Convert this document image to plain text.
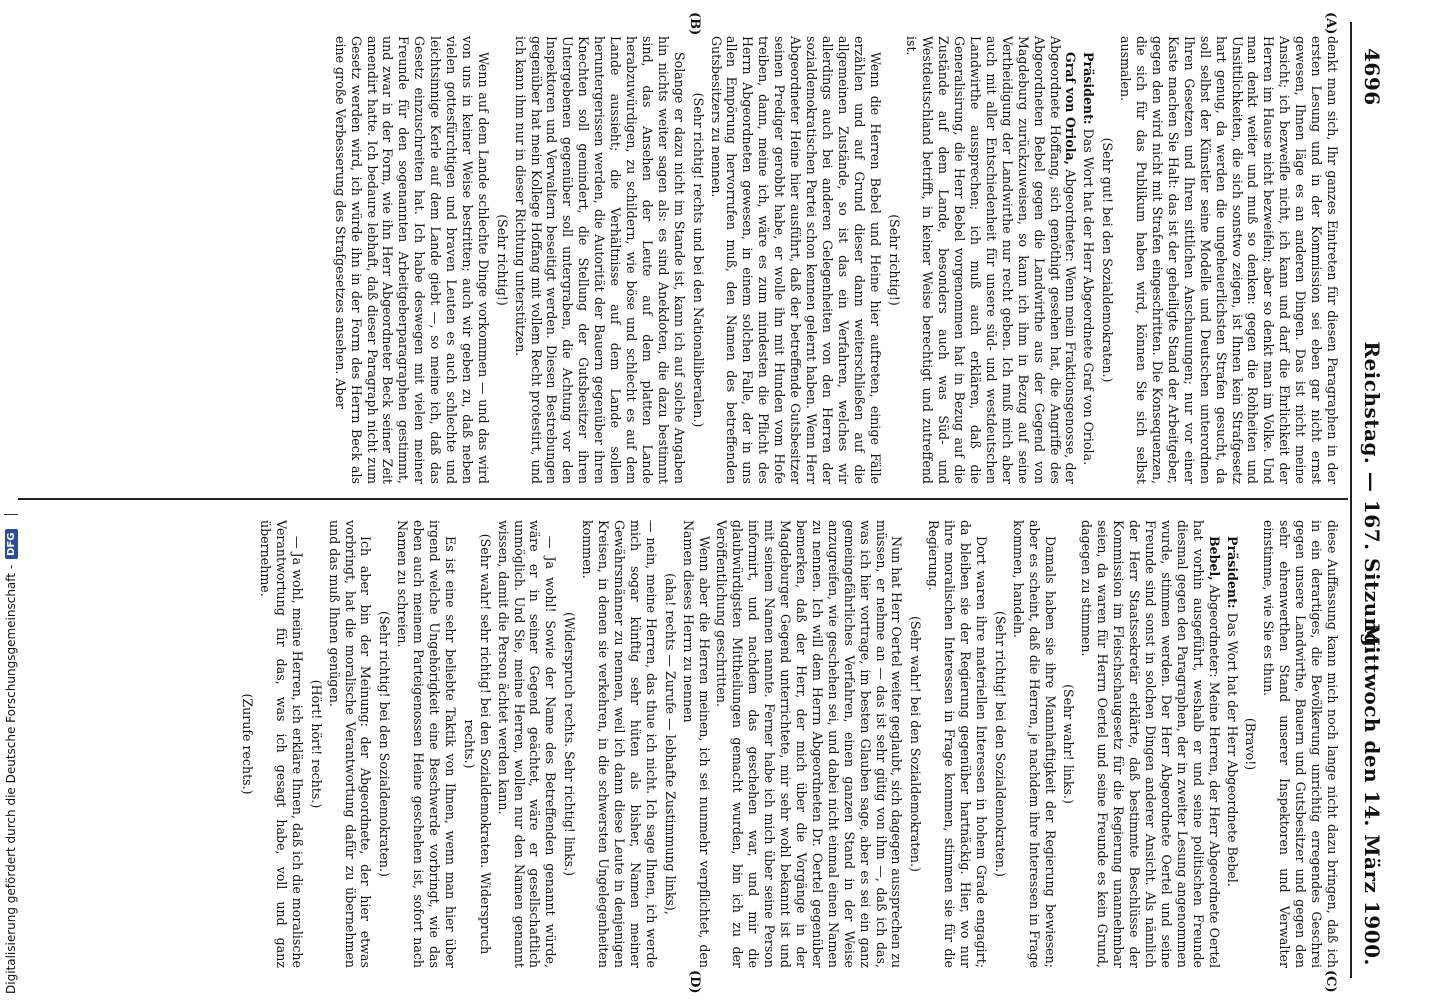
4696
Reichstag. — 167. Sitzung.
Mittwoch den 14. März 1900.
(A)
(B)
(C)
(D)

denkt man sich, Ihr ganzes Eintreten für diesen Paragraphen in der ersten Lesung und in der Kommission sei eben gar nicht ernst gewesen, Ihnen läge es an anderen Dingen. Das ist nicht meine Ansicht; ich bezweifle nicht, ich kann und darf die Ehrlichkeit der Herren im Hause nicht bezweifeln; aber so denkt man im Volke. Und man denkt weiter und muß so denken: gegen die Rohheiten und Unsittlichkeiten, die sich sonstwo zeigen, ist Ihnen kein Strafgesetz hart genug, da werden die ungeheuerlichsten Strafen gesucht, da soll selbst der Künstler seine Modelle und Deutschen unterordnen Ihren Gesetzen und Ihren sittlichen Anschauungen; nur vor einer Kaste machen Sie Halt: das ist der geheiligte Stand der Arbeitgeber, gegen den wird nicht mit Strafen eingeschritten. Die Konsequenzen, die sich für das Publikum haben wird, können Sie sich selbst ausmalen.

(Sehr gut! bei den Sozialdemokraten.)

Präsident: Das Wort hat der Herr Abgeordnete Graf von Oriola.

Graf von Oriola, Abgeordneter: Wenn mein Fraktionsgenosse, der Abgeordnete Hoffang, sich genöthigt gesehen hat, die Angriffe des Abgeordneten Bebel gegen die Landwirthe aus der Gegend von Magdeburg zurückzuweisen, so kann ich ihm in Bezug auf seine Vertheidigung der Landwirthe nur recht geben. Ich muß mich aber auch mit aller Entschiedenheit für unsere süd- und westdeutschen Landwirthe aussprechen; ich muß auch erklären, daß die Generalisirung, die Herr Bebel vorgenommen hat in Bezug auf die Zustände auf dem Lande, besonders auch was Süd- und Westdeutschland betrifft, in keiner Weise berechtigt und zutreffend ist.

(Sehr richtig!)

Wenn die Herren Bebel und Heine hier auftreten, einige Fälle erzählen und auf Grund dieser dann weiterschließen auf die allgemeinen Zustände, so ist das ein Verfahren, welches wir allerdings auch bei anderen Gelegenheiten von den Herren der sozialdemokratischen Partei schon kennen gelernt haben. Wenn Herr Abgeordneter Heine hier ausführt, daß der betreffende Gutsbesitzer seinen Prediger gerobbt habe, er wolle ihn mit Hunden vom Hofe treiben, dann, meine ich, wäre es zum mindesten die Pflicht des Herrn Abgeordneten gewesen, in einem solchen Falle, der in uns allen Empörung hervorrufen muß, den Namen des betreffenden Gutsbesitzers zu nennen.

(Sehr richtig! rechts und bei den Nationalliberalen.)

Solange er dazu nicht im Stande ist, kann ich auf solche Angaben hin nichts weiter sagen als: es sind Anekdoten, die dazu bestimmt sind, das Ansehen der Leute auf dem platten Lande herabzuwürdigen, zu schildern, wie böse und schlecht es auf dem Lande aussieht; die Verhältnisse auf dem Lande sollen heruntergerissen werden, die Autorität der Bauern gegenüber ihren Knechten soll gemindert, die Stellung der Gutsbesitzer ihren Untergebenen gegenüber soll untergraben, die Achtung vor den Inspektoren und Verwaltern beseitigt werden. Diesen Bestrebungen gegenüber hat mein Kollege Hoffang mit vollem Recht protestirt, und ich kann ihm nur in dieser Richtung unterstützen.

(Sehr richtig!)

Wenn auf dem Lande schlechte Dinge vorkommen — und das wird von uns in keiner Weise bestritten; auch wir geben zu, daß neben vielen gottesfürchtigen und braven Leuten es auch schlechte und leichtsinnige Kerle auf dem Lande giebt —, so meine ich, daß das Gesetz einzuschreiten hat. Ich habe deswegen mit vielen meiner Freunde für den sogenannten Arbeitgeberparagraphen gestimmt, und zwar in der Form, wie ihn Herr Abgeordneter Beck seiner Zeit amendirt hatte. Ich bedaure lebhaft, daß dieser Paragraph nicht zum Gesetz werden wird, ich würde ihn in der Form des Herrn Beck als eine große Verbesserung des Strafgesetzes ansehen. Aber

diese Auffassung kann mich noch lange nicht dazu bringen, daß ich in ein derartiges, die Bevölkerung unrichtig erregendes Geschrei gegen unsere Landwirthe, Bauern und Gutsbesitzer und gegen den sehr ehrenwerthen Stand unserer Inspektoren und Verwalter einstimme, wie Sie es thun.

(Bravo!)

Präsident: Das Wort hat der Herr Abgeordnete Bebel.

Bebel, Abgeordneter: Meine Herren, der Herr Abgeordnete Oertel hat vorhin ausgeführt, weshalb er und seine politischen Freunde diesmal gegen den Paragraphen, der in zweiter Lesung angenommen wurde, stimmen werden. Der Herr Abgeordnete Oertel und seine Freunde sind sonst in solchen Dingen anderer Ansicht. Als nämlich der Herr Staatssekretär erklärte, daß bestimmte Beschlüsse der Kommission im Fleischschaugesetz für die Regierung unannehmbar seien, da waren für Herrn Oertel und seine Freunde es kein Grund, dagegen zu stimmen.

(Sehr wahr! links.)

Damals haben sie ihre Mannhaftigkeit der Regierung bewiesen; aber es scheint, daß die Herren, je nachdem ihre Interessen in Frage kommen, handeln.

(Sehr richtig! bei den Sozialdemokraten.)

Dort waren ihre materiellen Interessen in hohem Grade engagirt; da bleiben sie der Regierung gegenüber hartnäckig. Hier, wo nur ihre moralischen Interessen in Frage kommen, stimmen sie für die Regierung.

(Sehr wahr! bei den Sozialdemokraten.)

Nun hat Herr Oertel weiter geglaubt, sich dagegen aussprechen zu müssen, er nehme an — das ist sehr gütig von ihm —, daß ich das, was ich hier vortrage, im besten Glauben sage, aber es sei ein ganz gemeingefährliches Verfahren, einen ganzen Stand in der Weise anzugreifen, wie geschehen sei, und dabei nicht einmal einen Namen zu nennen. Ich will dem Herrn Abgeordneten Dr. Oertel gegenüber bemerken, daß der Herr, der mich über die Vorgänge in der Magdeburger Gegend unterrichtete, mir sehr wohl bekannt ist und mit seinem Namen nannte. Ferner habe ich mich über seine Person informirt, und nachdem das geschehen war, und mir die glaubwürdigsten Mittheilungen gemacht wurden, bin ich zu der Veröffentlichung geschritten.

Wenn aber die Herren meinen, ich sei nunmehr verpflichtet, den Namen dieses Herrn zu nennen

(aha! rechts — Zurufe — lebhafte Zustimmung links),

— nein, meine Herren, das thue ich nicht. Ich sage Ihnen, ich werde mich sogar künftig sehr hüten als bisher, Namen meiner Gewährsmänner zu nennen, weil ich dann diese Leute in denjenigen Kreisen, in denen sie verkehren, in die schwersten Ungelegenheiten kommen.

(Widerspruch rechts. Sehr richtig! links.)

— Ja wohl! Sowie der Name des Betreffenden genannt würde, wäre er in seiner Gegend geächtet, wäre er gesellschaftlich unmöglich. Und Sie, meine Herren, wollen nur den Namen genannt wissen, damit die Person ächtet werden kann.

(Sehr wahr! sehr richtig! bei den Sozialdemokraten. Widerspruch rechts.)

Es ist eine sehr beliebte Taktik von Ihnen, wenn man hier über irgend welche Ungehörigkeit eine Beschwerde vorbringt, wie das eben auch meinem Parteigenossen Heine geschehen ist, sofort nach Namen zu schreien.

(Sehr richtig! bei den Sozialdemokraten.)

Ich aber bin der Meinung: der Abgeordnete, der hier etwas vorbringt, hat die moralische Verantwortung dafür zu übernehmen und das muß Ihnen genügen.

(Hört! hört! rechts.)

— Ja wohl, meine Herren, ich erkläre Ihnen, daß ich die moralische Verantwortung für das, was ich gesagt habe, voll und ganz übernehme.

(Zurufe rechts.)

Digitalisierung gefördert durch die Deutsche Forschungsgemeinschaft -
DFG
